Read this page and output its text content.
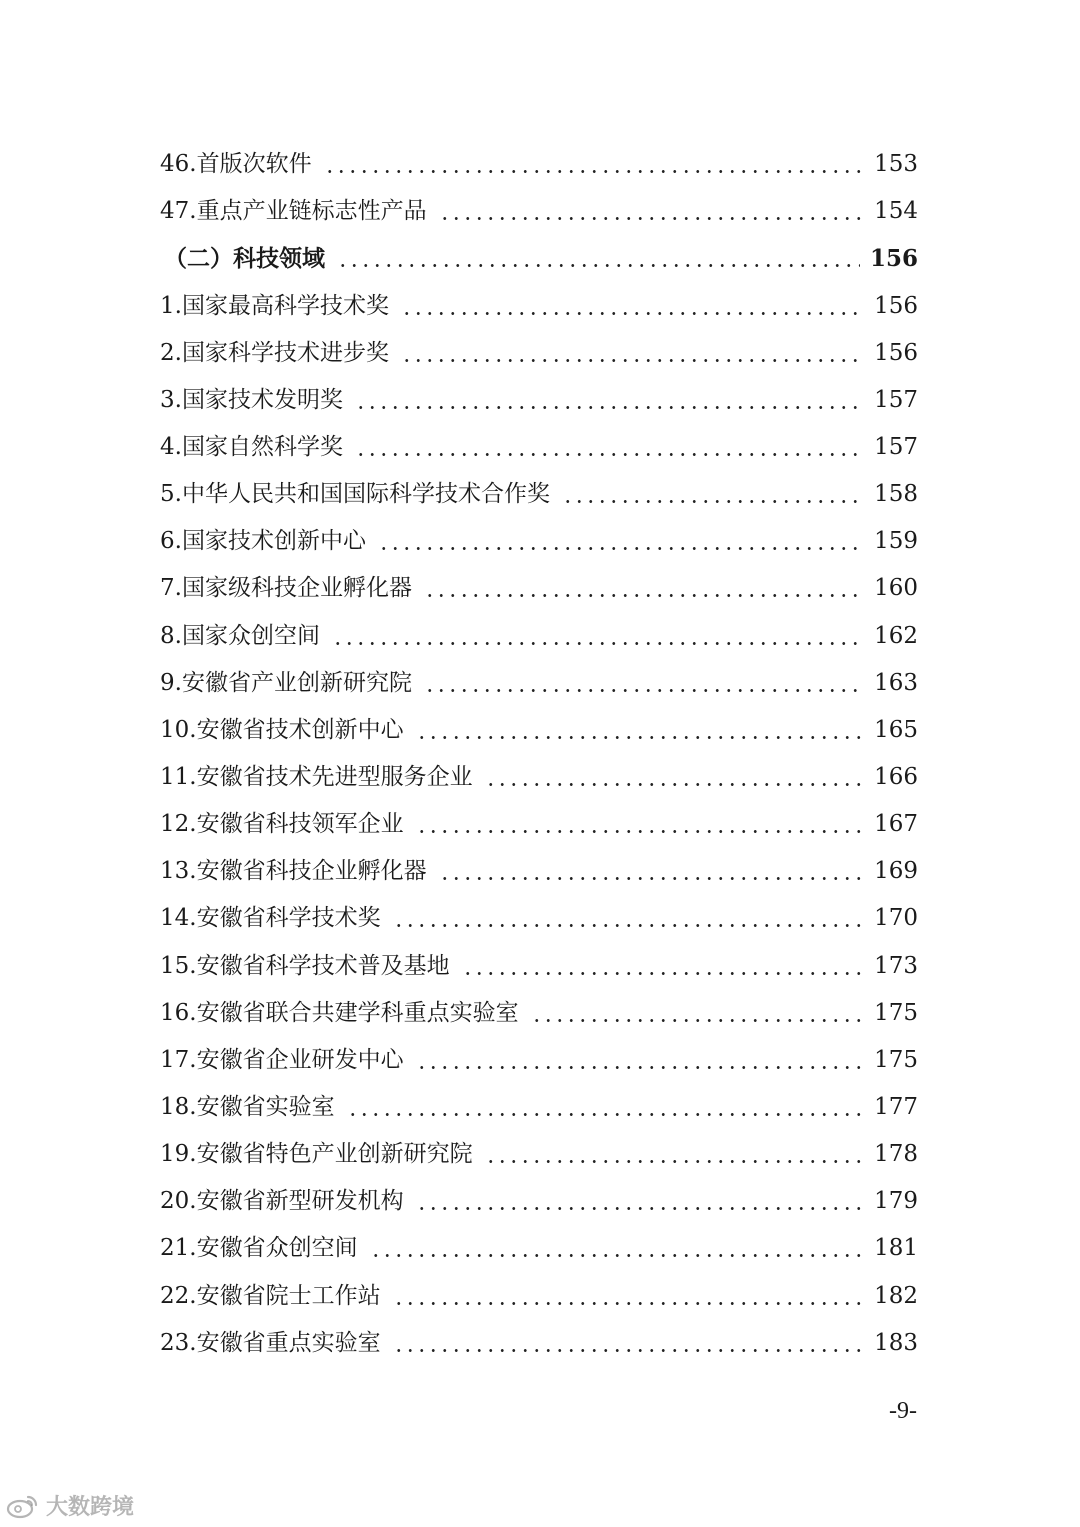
46.首版次软件	153
47.重点产业链标志性产品	154
（二）科技领域	156
1.国家最高科学技术奖	156
2.国家科学技术进步奖	156
3.国家技术发明奖	157
4.国家自然科学奖	157
5.中华人民共和国国际科学技术合作奖	158
6.国家技术创新中心	159
7.国家级科技企业孵化器	160
8.国家众创空间	162
9.安徽省产业创新研究院	163
10.安徽省技术创新中心	165
11.安徽省技术先进型服务企业	166
12.安徽省科技领军企业	167
13.安徽省科技企业孵化器	169
14.安徽省科学技术奖	170
15.安徽省科学技术普及基地	173
16.安徽省联合共建学科重点实验室	175
17.安徽省企业研发中心	175
18.安徽省实验室	177
19.安徽省特色产业创新研究院	178
20.安徽省新型研发机构	179
21.安徽省众创空间	181
22.安徽省院士工作站	182
23.安徽省重点实验室	183
-9-
大数跨境
